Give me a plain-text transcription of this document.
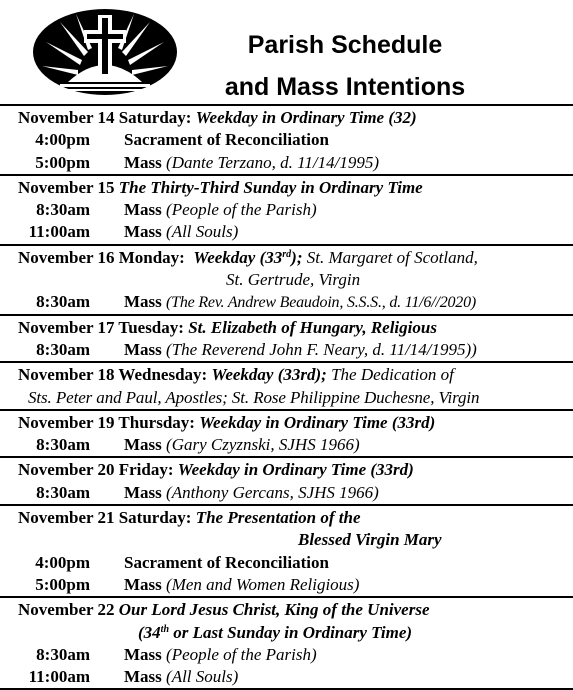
Parish Schedule
and Mass Intentions
November 14 Saturday: Weekday in Ordinary Time (32)
4:00pm Sacrament of Reconciliation
5:00pm Mass (Dante Terzano, d. 11/14/1995)
November 15 The Thirty-Third Sunday in Ordinary Time
8:30am Mass (People of the Parish)
11:00am Mass (All Souls)
November 16 Monday: Weekday (33rd); St. Margaret of Scotland,
St. Gertrude, Virgin
8:30am Mass (The Rev. Andrew Beaudoin, S.S.S., d. 11/6//2020)
November 17 Tuesday: St. Elizabeth of Hungary, Religious
8:30am Mass (The Reverend John F. Neary, d. 11/14/1995))
November 18 Wednesday: Weekday (33rd); The Dedication of
Sts. Peter and Paul, Apostles; St. Rose Philippine Duchesne, Virgin
November 19 Thursday: Weekday in Ordinary Time (33rd)
8:30am Mass (Gary Czyznski, SJHS 1966)
November 20 Friday: Weekday in Ordinary Time (33rd)
8:30am Mass (Anthony Gercans, SJHS 1966)
November 21 Saturday: The Presentation of the
Blessed Virgin Mary
4:00pm Sacrament of Reconciliation
5:00pm Mass (Men and Women Religious)
November 22 Our Lord Jesus Christ, King of the Universe
(34th or Last Sunday in Ordinary Time)
8:30am Mass (People of the Parish)
11:00am Mass (All Souls)
